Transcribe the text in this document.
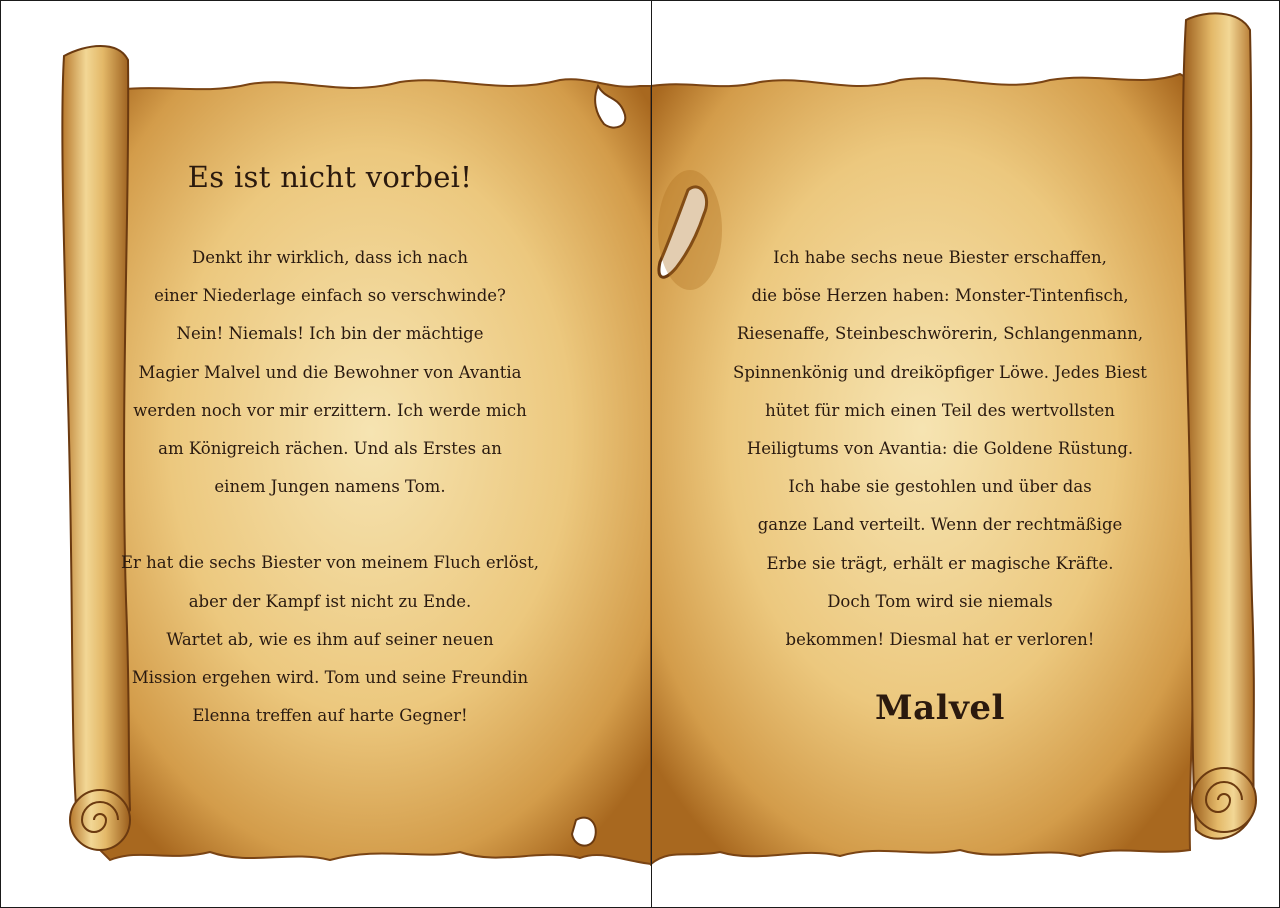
Es ist nicht vorbei!
Denkt ihr wirklich, dass ich nach
einer Niederlage einfach so verschwinde?
Nein! Niemals! Ich bin der mächtige
Magier Malvel und die Bewohner von Avantia
werden noch vor mir erzittern. Ich werde mich
am Königreich rächen. Und als Erstes an
einem Jungen namens Tom.
Er hat die sechs Biester von meinem Fluch erlöst,
aber der Kampf ist nicht zu Ende.
Wartet ab, wie es ihm auf seiner neuen
Mission ergehen wird. Tom und seine Freundin
Elenna treffen auf harte Gegner!
Ich habe sechs neue Biester erschaffen,
die böse Herzen haben: Monster-Tintenfisch,
Riesenaffe, Steinbeschwörerin, Schlangenmann,
Spinnenkönig und dreiköpfiger Löwe. Jedes Biest
hütet für mich einen Teil des wertvollsten
Heiligtums von Avantia: die Goldene Rüstung.
Ich habe sie gestohlen und über das
ganze Land verteilt. Wenn der rechtmäßige
Erbe sie trägt, erhält er magische Kräfte.
Doch Tom wird sie niemals
bekommen! Diesmal hat er verloren!
Malvel
